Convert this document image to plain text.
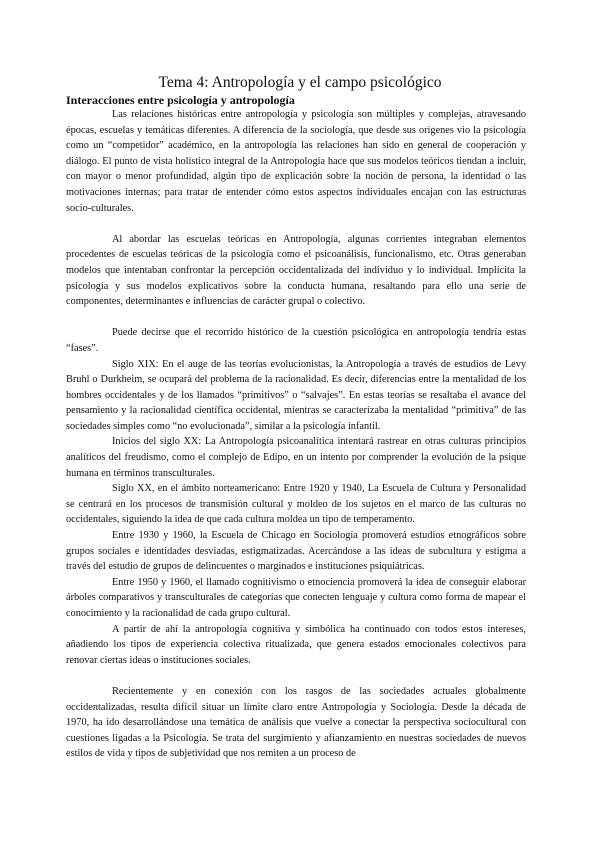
Tema 4: Antropología y el campo psicológico
Interacciones entre psicología y antropología

Las relaciones históricas entre antropología y psicología son múltiples y complejas, atravesando épocas, escuelas y temáticas diferentes. A diferencia de la sociología, que desde sus orígenes vio la psicología como un “competidor” académico, en la antropología las relaciones han sido en general de cooperación y diálogo. El punto de vista holístico integral de la Antropología hace que sus modelos teóricos tiendan a incluir, con mayor o menor profundidad, algún tipo de explicación sobre la noción de persona, la identidad o las motivaciones internas; para tratar de entender cómo estos aspectos individuales encajan con las estructuras socio-culturales.

Al abordar las escuelas teóricas en Antropología, algunas corrientes integraban elementos procedentes de escuelas teóricas de la psicología como el psicoanálisis, funcionalismo, etc. Otras generaban modelos que intentaban confrontar la percepción occidentalizada del individuo y lo individual. Implícita la psicología y sus modelos explicativos sobre la conducta humana, resaltando para ello una serie de componentes, determinantes e influencias de carácter grupal o colectivo.

Puede decirse que el recorrido histórico de la cuestión psicológica en antropología tendría estas “fases”.

Siglo XIX: En el auge de las teorías evolucionistas, la Antropología a través de estudios de Levy Bruhl o Durkheim, se ocupará del problema de la racionalidad. Es decir, diferencias entre la mentalidad de los hombres occidentales y de los llamados “primitivos” o “salvajes”. En estas teorías se resaltaba el avance del pensamiento y la racionalidad científica occidental, mientras se caracterizaba la mentalidad “primitiva” de las sociedades simples como “no evolucionada”, similar a la psicología infantil.

Inicios del siglo XX: La Antropología psicoanalítica intentará rastrear en otras culturas principios analíticos del freudismo, como el complejo de Edipo, en un intento por comprender la evolución de la psique humana en términos transculturales.

Siglo XX, en el ámbito norteamericano: Entre 1920 y 1940, La Escuela de Cultura y Personalidad se centrará en los procesos de transmisión cultural y moldeo de los sujetos en el marco de las culturas no occidentales, siguiendo la idea de que cada cultura moldea un tipo de temperamento.

Entre 1930 y 1960, la Escuela de Chicago en Sociología promoverá estudios etnográficos sobre grupos sociales e identidades desviadas, estigmatizadas. Acercándose a las ideas de subcultura y estigma a través del estudio de grupos de delincuentes o marginados e instituciones psiquiátricas.

Entre 1950 y 1960, el llamado cognitivismo o etnociencia promoverá la idea de conseguir elaborar árboles comparativos y transculturales de categorías que conecten lenguaje y cultura como forma de mapear el conocimiento y la racionalidad de cada grupo cultural.

A partir de ahí la antropología cognitiva y simbólica ha continuado con todos estos intereses, añadiendo los tipos de experiencia colectiva ritualizada, que genera estados emocionales colectivos para renovar ciertas ideas o instituciones sociales.

Recientemente y en conexión con los rasgos de las sociedades actuales globalmente occidentalizadas, resulta difícil situar un límite claro entre Antropología y Sociología. Desde la década de 1970, ha ido desarrollándose una temática de análisis que vuelve a conectar la perspectiva sociocultural con cuestiones ligadas a la Psicología. Se trata del surgimiento y afianzamiento en nuestras sociedades de nuevos estilos de vida y tipos de subjetividad que nos remiten a un proceso de
